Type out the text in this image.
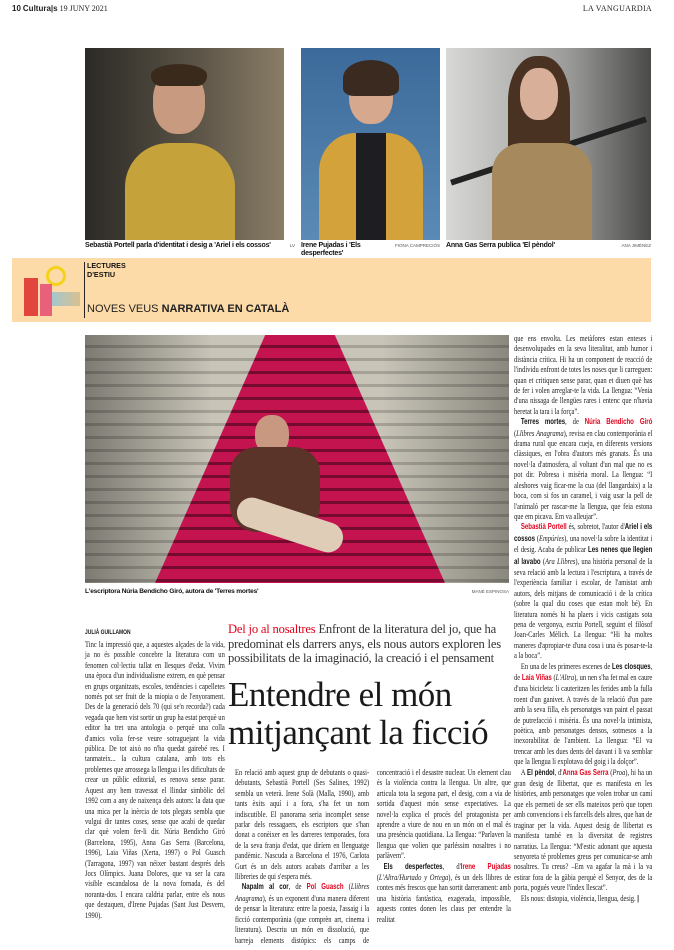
10 Cultura|s 19 JUNY 2021	LA VANGUARDIA
Sebastià Portell parla d'identitat i desig a 'Ariel i els cossos'	LV Irene Pujadas i 'Els desperfectes'
FIONA CAMPRECIÓS Anna Gas Serra publica 'El pèndol'	ANA JIMÉNEZ
LECTURES
D'ESTIU
NOVES VEUS NARRATIVA EN CATALÀ
L'escriptora Núria Bendicho Giró, autora de 'Terres mortes'	MANÉ ESPINOSA
JULIÀ GUILLAMON

Tinc la impressió que, a aquestes alçades de la vida, ja no és possible concebre la literatura com un fenomen col·lectiu tallat en llesques d'edat. Vivim una època d'un individualisme extrem, en què pensar en grups organitzats, escoles, tendències i capelletes només pot ser fruit de la miopia o de l'enyorament. Des de la generació dels 70 (qui se'n recorda?) cada vegada que hem vist sortir un grup ha estat perquè un editor ha tret una antologia o perquè una colla d'amics volia fer-se veure sotraguejant la vida pública. De tot això no n'ha quedat gairebé res. I tanmateix... la cultura catalana, amb tots els problemes que arrossega la llengua i les dificultats de crear un públic editorial, es renova sense parar. Aquest any hem travessat el llindar simbòlic del 1992 com a any de naixença dels autors: la data que una mica per la inèrcia de tots plegats sembla que vulgui dir tantes coses, sense que acabi de quedar clar què volem fer-li dir. Núria Bendicho Giró (Barcelona, 1995), Anna Gas Serra (Barcelona, 1996), Laia Viñas (Xerta, 1997) o Pol Guasch (Tarragona, 1997) van néixer bastant després dels Jocs Olímpics. Juana Dolores, que va ser la cara visible escandalosa de la nova fornada, és del noranta-dos. I encara caldria parlar, entre els nous que destaquen, d'Irene Pujadas (Sant Just Desvern, 1990).

Del jo al nosaltres Enfront de la literatura del jo, que ha predominat els darrers anys, els nous autors exploren les possibilitats de la imaginació, la creació i el pensament
Entendre el món mitjançant la ficció

En relació amb aquest grup de debutants o quasi-debutants, Sebastià Portell (Ses Salines, 1992) sembla un veterà. Irene Solà (Malla, 1990), amb tants èxits aquí i a fora, s'ha fet un nom indiscutible. El panorama seria incomplet sense parlar dels ressagaers, els escriptors que s'han donat a conèixer en les darreres temporades, fora de la seva franja d'edat, que diríem en llenguatge pandèmic. Nascuda a Barcelona el 1976, Carlota Gurt és un dels autors acabats d'arribar a les llibreries de qui s'espera més.

Napalm al cor, de Pol Guasch (Llibres Anagrama), és un exponent d'una manera diferent de pensar la literatura: entre la poesia, l'assaig i la ficció contemporània (que comprèn art, cinema i literatura). Descriu un món en dissolució, que barreja elements distòpics: els camps de concentració i el desastre nuclear. Un element clau és la violència contra la llengua. Un altre, que articula tota la segona part, el desig, com a via de sortida d'aquest món sense expectatives. La novel·la explica el procés del protagonista per aprendre a viure de nou en un món on el mal és una presència quotidiana. La llengua: “Parlaven la llengua que volien que parléssim nosaltres i no parlàvem”.

Els desperfectes, d'Irene Pujadas (L'Altra/Hurtado y Ortega), és un dels llibres de contes més frescos que han sortit darrerament: amb una història fantàstica, exagerada, impossible, aquests contes donen les claus per entendre la realitat

que ens envolta. Les metàfores estan enteses i desenvolupades en la seva literalitat, amb humor i distància crítica. Hi ha un component de reacció de l'individu enfront de totes les noses que li carreguen: quan et critiquen sense parar, quan et diuen què has de fer i volen arreglar-te la vida. La llengua: “Venia d'una nissaga de llengües rares i entenc que n'havia heretat la tara i la força”.

Terres mortes, de Núria Bendicho Giró (Llibres Anagrama), revisa en clau contemporània el drama rural que encara cueja, en diferents versions clàssiques, en l'obra d'autors més granats. És una novel·la d'atmosfera, al voltant d'un mal que no es pot dir. Pobresa i misèria moral. La llengua: “I aleshores vaig ficar-me la cua (del llangardaix) a la boca, com si fos un caramel, i vaig usar la pell de l'animaló per rascar-me la llengua, que feia estona que em picava. Em va alleujar”.

Sebastià Portell és, sobretot, l'autor d'Ariel i els cossos (Empúries), una novel·la sobre la identitat i el desig. Acaba de publicar Les nenes que llegien al lavabo (Ara Llibres), una història personal de la seva relació amb la lectura i l'escriptura, a través de l'experiència familiar i escolar, de l'amistat amb autors, dels mitjans de comunicació i de la crítica (sobre la qual diu coses que estan molt bé). En literatura només hi ha plaers i vicis castigats sota pena de vergonya, escriu Portell, seguint el filòsof Joan-Carles Mèlich. La llengua: “Hi ha moltes maneres d'apropiar-te d'una cosa i una és posar-te-la a la boca”.

En una de les primeres escenes de Les closques, de Laia Viñas (L'Altra), un nen s'ha fet mal en caure d'una bicicleta: li cauteritzen les ferides amb la fulla roent d'un ganivet. A través de la relació d'un pare amb la seva filla, els personatges van paint el passat de putrefacció i misèria. És una novel·la intimista, poètica, amb personatges densos, sotmesos a la inexorabilitat de l'ambient. La llengua: “El va trencar amb les dues dents del davant i li va semblar que la llengua li explotava del goig i la dolçor”.

A El pèndol, d'Anna Gas Serra (Proa), hi ha un gran desig de llibertat, que es manifesta en les històries, amb personatges que volen trobar un camí que els permeti de ser ells mateixos però que topen amb convencions i els farcells dels altres, que han de traginar per la vida. Aquest desig de llibertat es manifesta també en la diversitat de registres narratius. La llengua: “M'estic adonant que aquesta senyoreta té problemes greus per comunicar-se amb nosaltres. Tu creus? –Em va agafar la mà i la va estirar fora de la gàbia perquè el Senyor, des de la porta, pogués veure l'índex llescat”.

Els nous: distopia, violència, llengua, desig. |
